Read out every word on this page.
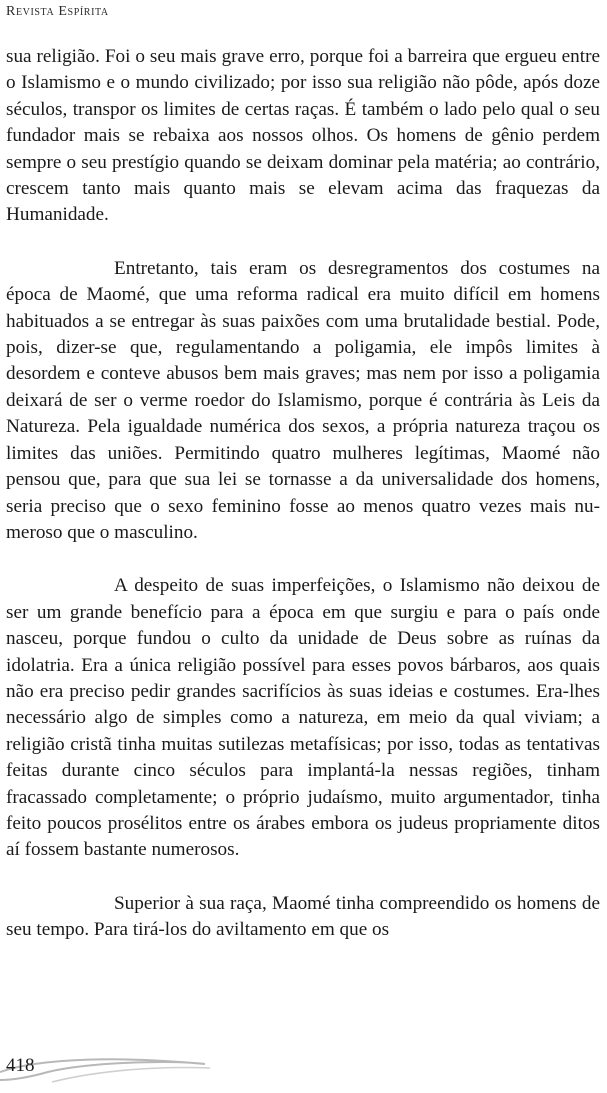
Revista Espírita

sua religião. Foi o seu mais grave erro, porque foi a barreira que ergueu entre o Islamismo e o mundo civilizado; por isso sua religião não pôde, após doze séculos, transpor os limites de certas raças. É também o lado pelo qual o seu fundador mais se rebaixa aos nossos olhos. Os homens de gênio perdem sempre o seu prestígio quando se deixam dominar pela matéria; ao contrário, crescem tanto mais quanto mais se elevam acima das fraquezas da Humanidade.

Entretanto, tais eram os desregramentos dos costumes na época de Maomé, que uma reforma radical era muito difícil em homens habituados a se entregar às suas paixões com uma brutalidade bestial. Pode, pois, dizer-se que, regulamentando a poligamia, ele impôs limites à desordem e conteve abusos bem mais graves; mas nem por isso a poligamia deixará de ser o verme roedor do Islamismo, porque é contrária às Leis da Natureza. Pela igualdade numérica dos sexos, a própria natureza traçou os limites das uniões. Permitindo quatro mulheres legítimas, Maomé não pensou que, para que sua lei se tornasse a da universalidade dos homens, seria preciso que o sexo feminino fosse ao menos quatro vezes mais numeroso que o masculino.

A despeito de suas imperfeições, o Islamismo não deixou de ser um grande benefício para a época em que surgiu e para o país onde nasceu, porque fundou o culto da unidade de Deus sobre as ruínas da idolatria. Era a única religião possível para esses povos bárbaros, aos quais não era preciso pedir grandes sacrifícios às suas ideias e costumes. Era-lhes necessário algo de simples como a natureza, em meio da qual viviam; a religião cristã tinha muitas sutilezas metafísicas; por isso, todas as tentativas feitas durante cinco séculos para implantá-la nessas regiões, tinham fracassado completamente; o próprio judaísmo, muito argumentador, tinha feito poucos prosélitos entre os árabes embora os judeus propriamente ditos aí fossem bastante numerosos.

Superior à sua raça, Maomé tinha compreendido os homens de seu tempo. Para tirá-los do aviltamento em que os

418
